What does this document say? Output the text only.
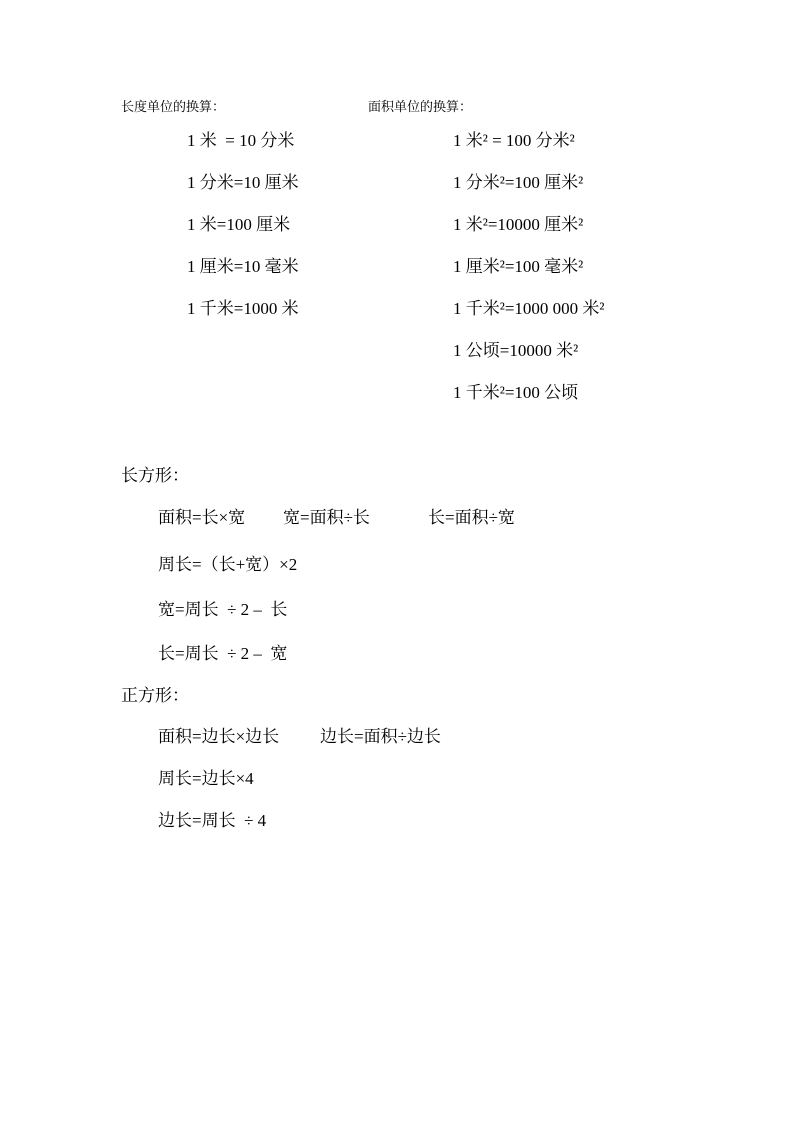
长度单位的换算：
1 米  = 10 分米
1 分米=10 厘米
1 米=100 厘米
1 厘米=10 毫米
1 千米=1000 米
面积单位的换算：
1 米² = 100 分米²
1 分米²=100 厘米²
1 米²=10000 厘米²
1 厘米²=100 毫米²
1 千米²=1000 000 米²
1 公顷=10000 米²
1 千米²=100 公顷
长方形：
面积=长×宽 宽=面积÷长	长=面积÷宽
周长=（长+宽）×2
宽=周长  ÷ 2 –  长
长=周长  ÷ 2 –  宽
正方形：
面积=边长×边长 边长=面积÷边长
周长=边长×4
边长=周长  ÷ 4
